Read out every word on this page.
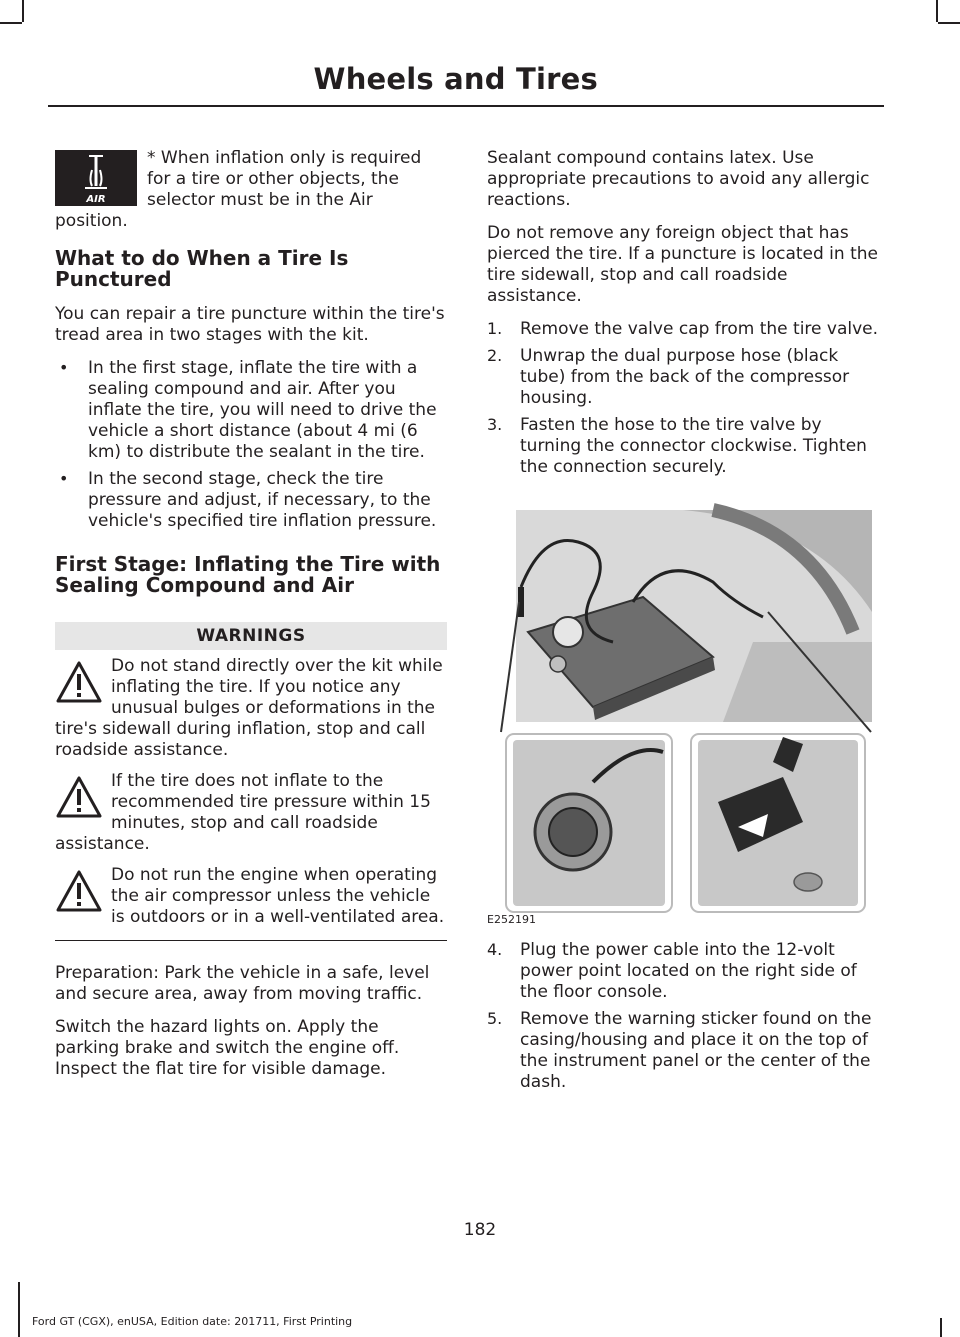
Wheels and Tires
AIR

* When inflation only is required for a tire or other objects, the selector must be in the Air position.

What to do When a Tire Is Punctured

You can repair a tire puncture within the tire's tread area in two stages with the kit.

• In the first stage, inflate the tire with a sealing compound and air. After you inflate the tire, you will need to drive the vehicle a short distance (about 4 mi (6 km) to distribute the sealant in the tire.

• In the second stage, check the tire pressure and adjust, if necessary, to the vehicle's specified tire inflation pressure.

First Stage: Inflating the Tire with Sealing Compound and Air
WARNINGS

Do not stand directly over the kit while inflating the tire. If you notice any unusual bulges or deformations in the tire's sidewall during inflation, stop and call roadside assistance.

If the tire does not inflate to the recommended tire pressure within 15 minutes, stop and call roadside assistance.

Do not run the engine when operating the air compressor unless the vehicle is outdoors or in a well-ventilated area.

Preparation: Park the vehicle in a safe, level and secure area, away from moving traffic.

Switch the hazard lights on. Apply the parking brake and switch the engine off. Inspect the flat tire for visible damage.

Sealant compound contains latex. Use appropriate precautions to avoid any allergic reactions.

Do not remove any foreign object that has pierced the tire. If a puncture is located in the tire sidewall, stop and call roadside assistance.

1. Remove the valve cap from the tire valve.

2. Unwrap the dual purpose hose (black tube) from the back of the compressor housing.

3. Fasten the hose to the tire valve by turning the connector clockwise. Tighten the connection securely.

E252191
4. Plug the power cable into the 12-volt power point located on the right side of the floor console.

5. Remove the warning sticker found on the casing/housing and place it on the top of the instrument panel or the center of the dash.

182
Ford GT (CGX), enUSA, Edition date: 201711, First Printing
